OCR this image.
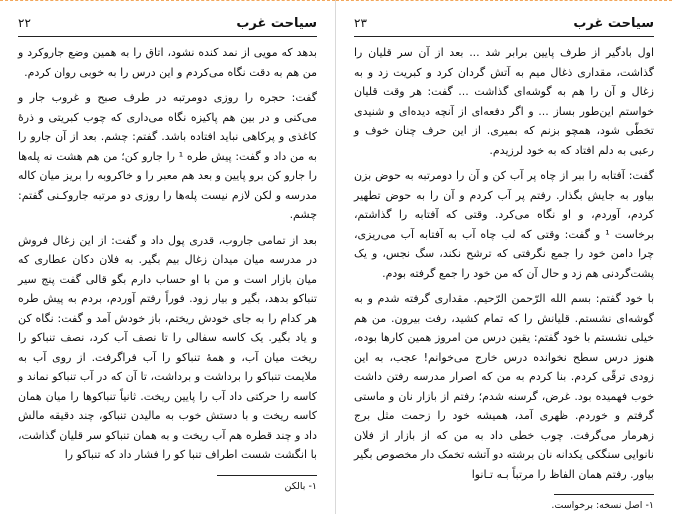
سیاحت غرب
۲۲

بدهد که مویی از نمد کنده نشود، اتاق را به همین وضع جاروکرد و من هم به دقت نگاه می‌کردم و این درس را به خوبی روان کردم.

گفت: حجره را روزی دومرتبه در طرف صبح و غروب جار و می‌کنی و در بین هم پاکیزه نگاه می‌داری که چوب کبریتی و ذرهٔ کاغذی و پرکاهی نباید افتاده باشد. گفتم: چشم. بعد از آن جارو را به من داد و گفت: پیش طره ¹ را جارو کن؛ من هم هشت نه پله‌ها را جارو کن برو پایین و بعد هم معبر را و خاکروبه را بریز میان کاله مدرسه و لکن لازم نیست پله‌ها را روزی دو مرتبه جاروکـنی گفتم: چشم.

بعد از تمامی جاروب، قدری پول داد و گفت: از این زغال فروش در مدرسه میان میدان زغال بیم بگیر. به فلان دکان عطاری که میان بازار است و من با او حساب دارم بگو قالی گفت پنج سیر تنباکو بدهد، بگیر و بیار زود. فوراً رفتم آوردم، بردم به پیش طره هر کدام را به جای خودش ریختم، باز خودش آمد و گفت: نگاه کن و یاد بگیر. یک کاسه سفالی را تا نصف آب کرد، نصف تنباکو را ریخت میان آب، و همهٔ تنباکو را آب فراگرفت. از روی آب به ملایمت تنباکو را برداشت و برداشت، تا آن که در آب تنباکو نماند و کاسه را حرکتی داد آب را پایین ریخت. ثانیاً تنباکوها را میان همان کاسه ریخت و با دستش خوب به مالیدن تنباکو، چند دقیقه مالش داد و چند قطره هم آب ریخت و به همان تنباکو سر قلیان گذاشت، با انگشت شست اطراف تنبا کو را فشار داد که تنباکو را

۱- بالکن

سیاحت غرب
۲۳

اول بادگیر از طرف پایین برابر شد ... بعد از آن سر قلیان را گذاشت، مقداری ذغال میم به آتش گردان کرد و کبریت زد و به زغال و آن را هم به گوشه‌ای گذاشت ... گفت: هر وقت قلیان خواستم این‌طور بساز ... و اگر دفعه‌ای از آنچه دیده‌ای و شنیدی تخطّی شود، همچو بزنم که بمیری. از این حرف چنان خوف و رعبی به دلم افتاد که به خود لرزیدم.

گفت: آفتابه را ببر از چاه پر آب کن و آن را دومرتبه به حوض بزن بیاور به جایش بگذار. رفتم پر آب کردم و آن را به حوض تطهیر کردم، آوردم، و او نگاه می‌کرد. وقتی که آفتابه را گذاشتم، برخاست ¹ و گفت: وقتی که لب چاه آب به آفتابه آب می‌ریزی، چرا دامن خود را جمع نگرفتی که ترشح نکند، سگ نجس، و یک پشت‌گردنی هم زد و حال آن که من خود را جمع گرفته بودم.

با خود گفتم: بسم الله الرّحمن الرّحیم. مقداری گرفته شدم و به گوشه‌ای نشستم. قلیانش را که تمام کشید، رفت بیرون. من هم خیلی نشستم با خود گفتم: یقین درس من امروز همین کارها بوده، هنوز درس سطح نخوانده درس خارج می‌خوانم! عجب، به این زودی ترقّی کردم. بنا کردم به من که اصرار مدرسه رفتن داشت خوب فهمیده بود. غرض، گرسنه شدم؛ رفتم از بازار نان و ماستی گرفتم و خوردم. ظهری آمد، همیشه خود را زحمت مثل برج زهرمار می‌گرفت. چوب خطی داد به من که از بازار از فلان نانوایی سنگکی یکدانه نان برشته دو آتشه تخمک دار مخصوص بگیر بیاور. رفتم همان الفاظ را مرتباً بـه تـانوا

۱- اصل نسخه: برخواست.
